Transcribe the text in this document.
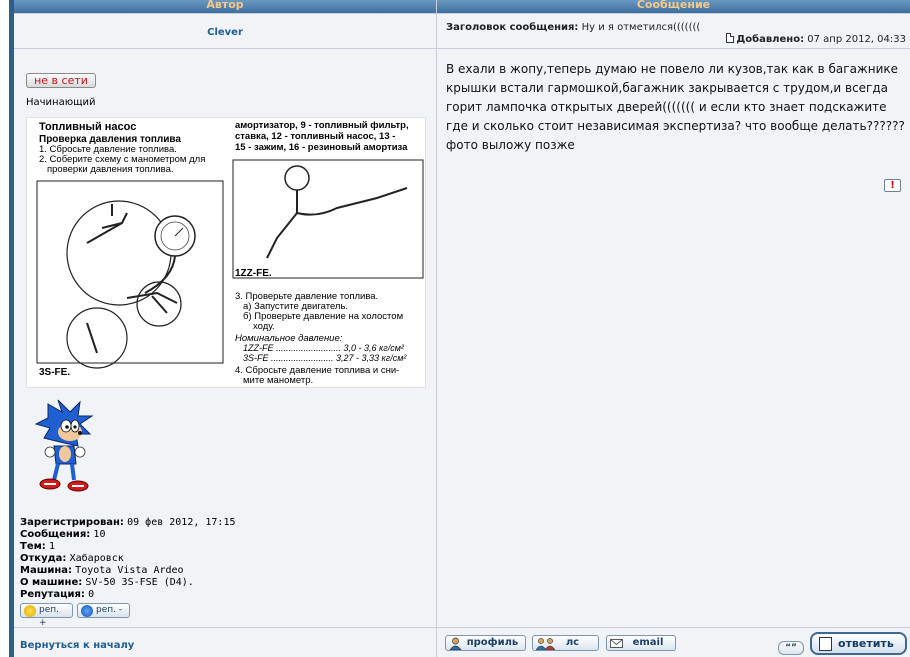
Автор	Сообщение
Clever	Заголовок сообщения: Ну и я отметился(((((((
Добавлено: 07 апр 2012, 04:33
не в сети
Начинающий
Топливный насос
Проверка давления топлива
1. Сбросьте давление топлива.
2. Соберите схему с манометром для
проверки давления топлива.
амортизатор, 9 - топливный фильтр,
ставка, 12 - топливный насос, 13 -
15 - зажим, 16 - резиновый амортиза
3S-FE.
1ZZ-FE.
3. Проверьте давление топлива.
а) Запустите двигатель.
б) Проверьте давление на холостом
ходу.
Номинальное давление:
1ZZ-FE .......................... 3,0 - 3,6 кг/см²
3S-FE ......................... 3,27 - 3,33 кг/см²
4. Сбросьте давление топлива и сни-
мите манометр.
Зарегистрирован: 09 фев 2012, 17:15
Сообщения: 10
Тем: 1
Откуда: Хабаровск
Машина: Toyota Vista Ardeo
О машине: SV-50 3S-FSE (D4).
Репутация: 0
реп. +
реп. -
В ехали в жопу,теперь думаю не повело ли кузов,так как в багажнике крышки встали гармошкой,багажник закрывается с трудом,и всегда горит лампочка открытых дверей((((((( и если кто знает подскажите где и сколько стоит независимая экспертиза? что вообще делать?????? фото выложу позже
!
Вернуться к началу	профиль	лс	email	“”	ответить
